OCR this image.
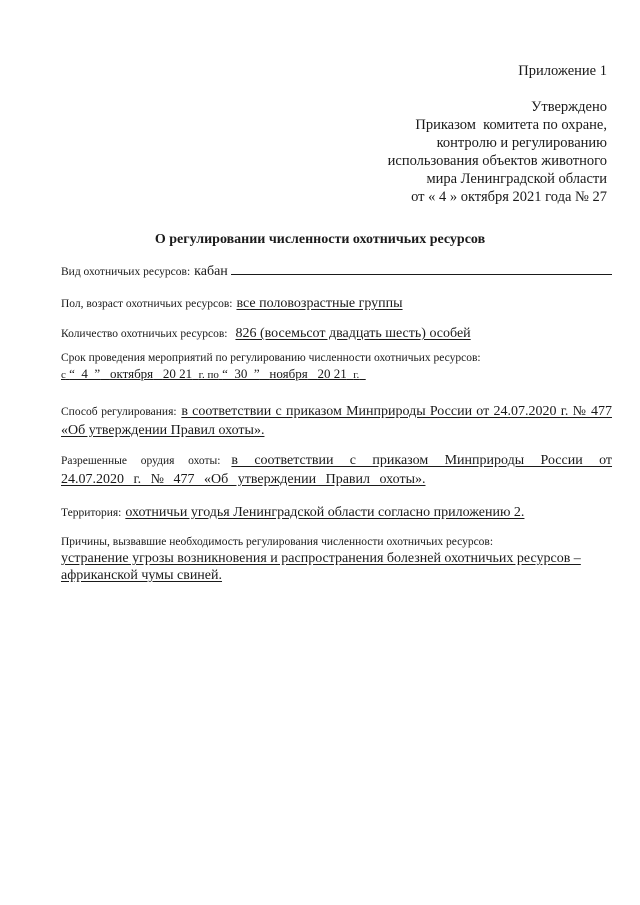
Приложение 1
Утверждено
Приказом  комитета по охране,
контролю и регулированию
использования объектов животного
мира Ленинградской области
от « 4 » октября 2021 года № 27
О регулировании численности охотничьих ресурсов
Вид охотничьих ресурсов: кабан
Пол, возраст охотничьих ресурсов: все половозрастные группы
Количество охотничьих ресурсов: 826 (восемьсот двадцать шесть) особей
Срок проведения мероприятий по регулированию численности охотничьих ресурсов:
с “  4  ” октября 20 21 г. по “  30  ” ноября 20 21 г.
Способ регулирования: в соответствии с приказом Минприроды России от 24.07.2020 г. № 477 «Об утверждении Правил охоты».
Разрешенные орудия охоты: в соответствии с приказом Минприроды России от 24.07.2020 г. № 477 «Об утверждении Правил охоты».
Территория: охотничьи угодья Ленинградской области согласно приложению 2.
Причины, вызвавшие необходимость регулирования численности охотничьих ресурсов:
устранение угрозы возникновения и распространения болезней охотничьих ресурсов – африканской чумы свиней.
